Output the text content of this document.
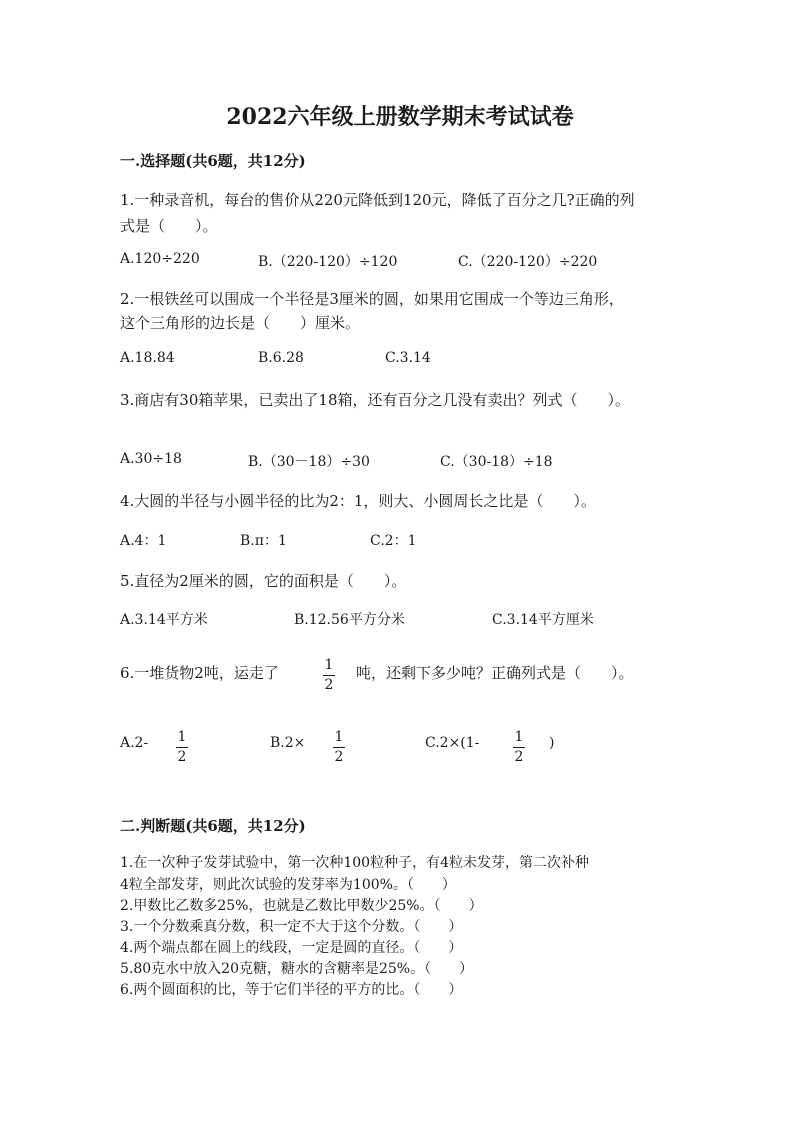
2022六年级上册数学期末考试试卷
一.选择题(共6题，共12分)
1.一种录音机，每台的售价从220元降低到120元，降低了百分之几?正确的列
式是（　　）。
A.120÷220	B.（220-120）÷120	C.（220-120）÷220
2.一根铁丝可以围成一个半径是3厘米的圆，如果用它围成一个等边三角形，
这个三角形的边长是（　　）厘米。
A.18.84	B.6.28	C.3.14
3.商店有30箱苹果，已卖出了18箱，还有百分之几没有卖出？列式（　　）。
A.30÷18	B.（30－18）÷30	C.（30-18）÷18
4.大圆的半径与小圆半径的比为2：1，则大、小圆周长之比是（　　）。
A.4：1	B.π：1	C.2：1
5.直径为2厘米的圆，它的面积是（　　）。
A.3.14平方米	B.12.56平方分米	C.3.14平方厘米
6.一堆货物2吨，运走了	1
2
吨，还剩下多少吨？正确列式是（　　）。
A.2- 1
2
B.2× 1
2
C.2×(1-	1
2
)
二.判断题(共6题，共12分)
1.在一次种子发芽试验中，第一次种100粒种子，有4粒未发芽，第二次补种
4粒全部发芽，则此次试验的发芽率为100%。（　　）
2.甲数比乙数多25%，也就是乙数比甲数少25%。（　　）
3.一个分数乘真分数，积一定不大于这个分数。（　　）
4.两个端点都在圆上的线段，一定是圆的直径。（　　）
5.80克水中放入20克糖，糖水的含糖率是25%。（　　）
6.两个圆面积的比，等于它们半径的平方的比。（　　）
